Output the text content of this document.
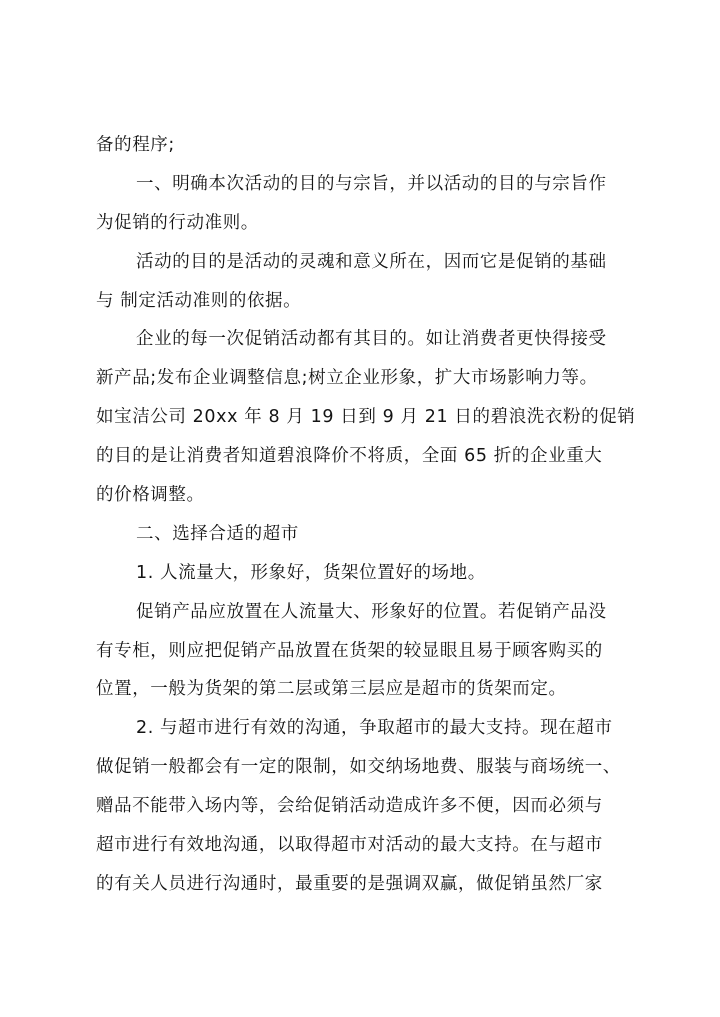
备的程序;
一、明确本次活动的目的与宗旨，并以活动的目的与宗旨作
为促销的行动准则。
活动的目的是活动的灵魂和意义所在，因而它是促销的基础
与 制定活动准则的依据。
企业的每一次促销活动都有其目的。如让消费者更快得接受
新产品;发布企业调整信息;树立企业形象，扩大市场影响力等。
如宝洁公司 20xx 年 8 月 19 日到 9 月 21 日的碧浪洗衣粉的促销
的目的是让消费者知道碧浪降价不将质，全面 65 折的企业重大
的价格调整。
二、选择合适的超市
1. 人流量大，形象好，货架位置好的场地。
促销产品应放置在人流量大、形象好的位置。若促销产品没
有专柜，则应把促销产品放置在货架的较显眼且易于顾客购买的
位置，一般为货架的第二层或第三层应是超市的货架而定。
2. 与超市进行有效的沟通，争取超市的最大支持。现在超市
做促销一般都会有一定的限制，如交纳场地费、服装与商场统一、
赠品不能带入场内等，会给促销活动造成许多不便，因而必须与
超市进行有效地沟通，以取得超市对活动的最大支持。在与超市
的有关人员进行沟通时，最重要的是强调双赢，做促销虽然厂家
